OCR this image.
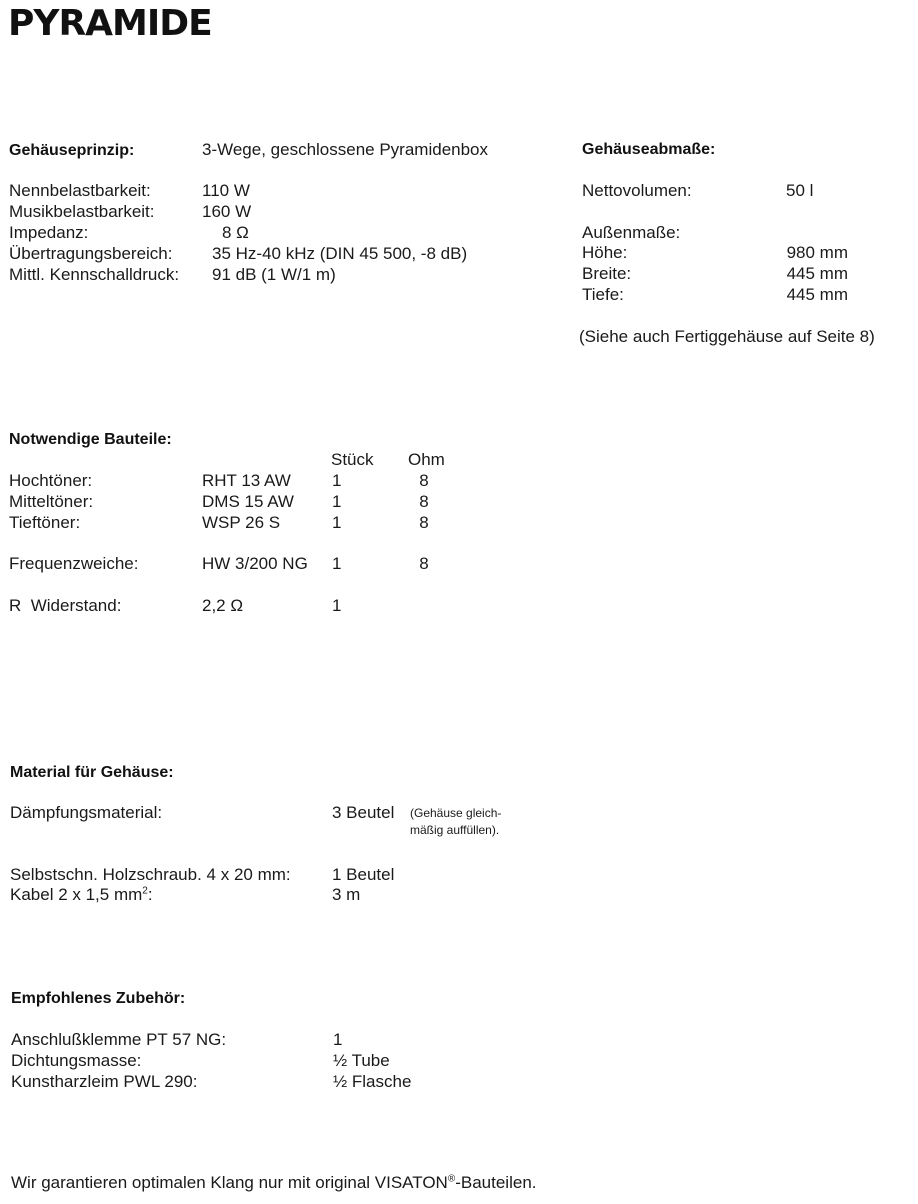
PYRAMIDE
Gehäuseprinzip:	3-Wege, geschlossene Pyramidenbox
Nennbelastbarkeit:	110 W
Musikbelastbarkeit:	160 W
Impedanz:	8 Ω
Übertragungsbereich: 35 Hz-40 kHz (DIN 45 500, -8 dB)
Mittl. Kennschalldruck: 91 dB (1 W/1 m)
Gehäuseabmaße:
Nettovolumen:	50 l
Außenmaße:
Höhe:	980 mm
Breite:	445 mm
Tiefe:	445 mm
(Siehe auch Fertiggehäuse auf Seite 8)
Notwendige Bauteile:
Stück Ohm
Hochtöner:	RHT 13 AW 1	8
Mitteltöner:	DMS 15 AW 1	8
Tieftöner:	WSP 26 S	1	8
Frequenzweiche:	HW 3/200 NG 1	8
R  Widerstand:	2,2 Ω	1
Material für Gehäuse:
Dämpfungsmaterial:	3 Beutel (Gehäuse gleich-
mäßig auffüllen).
Selbstschn. Holzschraub. 4 x 20 mm: 1 Beutel
Kabel 2 x 1,5 $mm^2$:	3 m
Empfohlenes Zubehör:
Anschlußklemme PT 57 NG:	1
Dichtungsmasse:	½ Tube
Kunstharzleim PWL 290:	½ Flasche
Wir garantieren optimalen Klang nur mit original VISATON®-Bauteilen.
